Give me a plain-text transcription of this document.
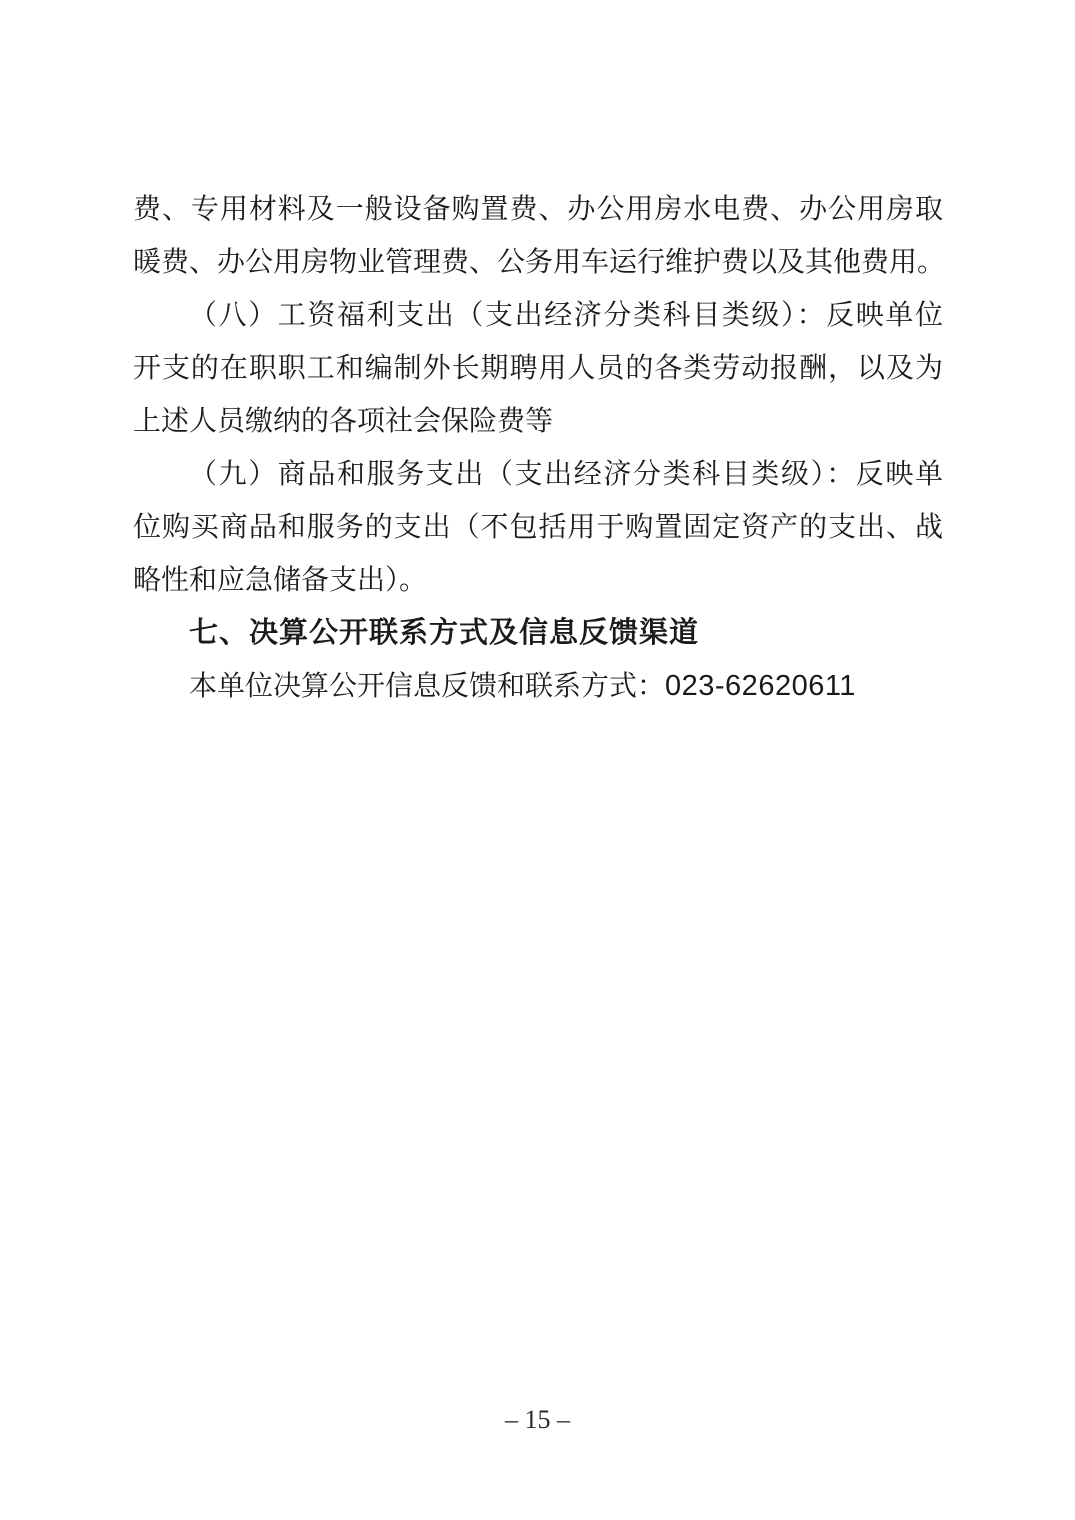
费、专用材料及一般设备购置费、办公用房水电费、办公用房取

暖费、办公用房物业管理费、公务用车运行维护费以及其他费用。

（八）工资福利支出（支出经济分类科目类级）：反映单位

开支的在职职工和编制外长期聘用人员的各类劳动报酬，以及为

上述人员缴纳的各项社会保险费等

（九）商品和服务支出（支出经济分类科目类级）：反映单

位购买商品和服务的支出（不包括用于购置固定资产的支出、战

略性和应急储备支出）。

七、决算公开联系方式及信息反馈渠道

本单位决算公开信息反馈和联系方式：023-62620611

– 15 –
